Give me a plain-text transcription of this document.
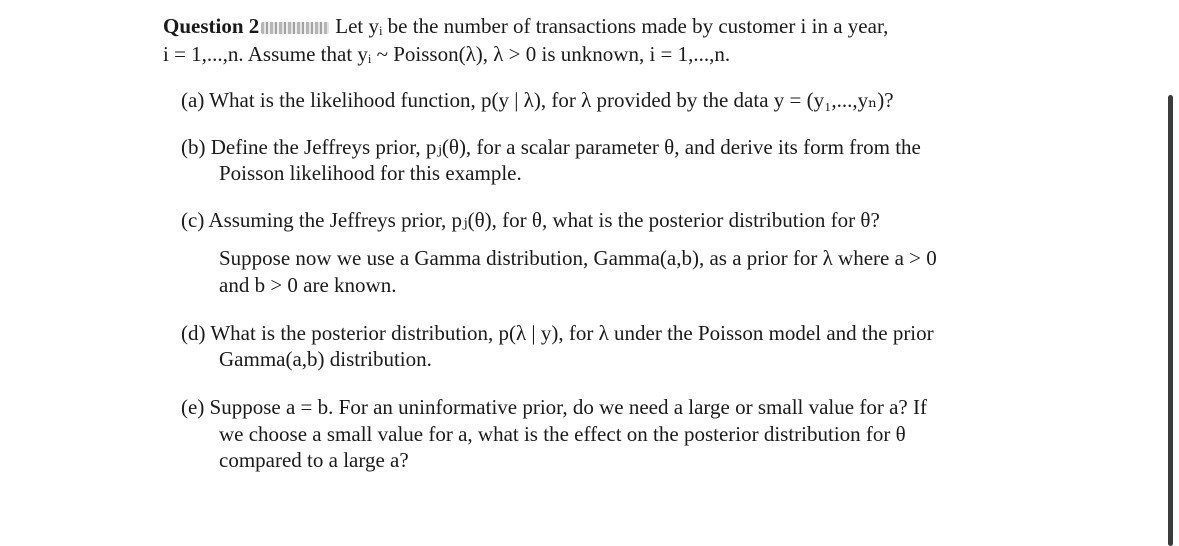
Question 2	Let yᵢ be the number of transactions made by customer i in a year,
i = 1,...,n. Assume that yᵢ ~ Poisson(λ), λ > 0 is unknown, i = 1,...,n.
(a) What is the likelihood function, p(y | λ), for λ provided by the data y = (y₁,...,yₙ)?
(b) Define the Jeffreys prior, pⱼ(θ), for a scalar parameter θ, and derive its form from the
Poisson likelihood for this example.
(c) Assuming the Jeffreys prior, pⱼ(θ), for θ, what is the posterior distribution for θ?
Suppose now we use a Gamma distribution, Gamma(a,b), as a prior for λ where a > 0
and b > 0 are known.
(d) What is the posterior distribution, p(λ | y), for λ under the Poisson model and the prior
Gamma(a,b) distribution.
(e) Suppose a = b. For an uninformative prior, do we need a large or small value for a? If
we choose a small value for a, what is the effect on the posterior distribution for θ
compared to a large a?
